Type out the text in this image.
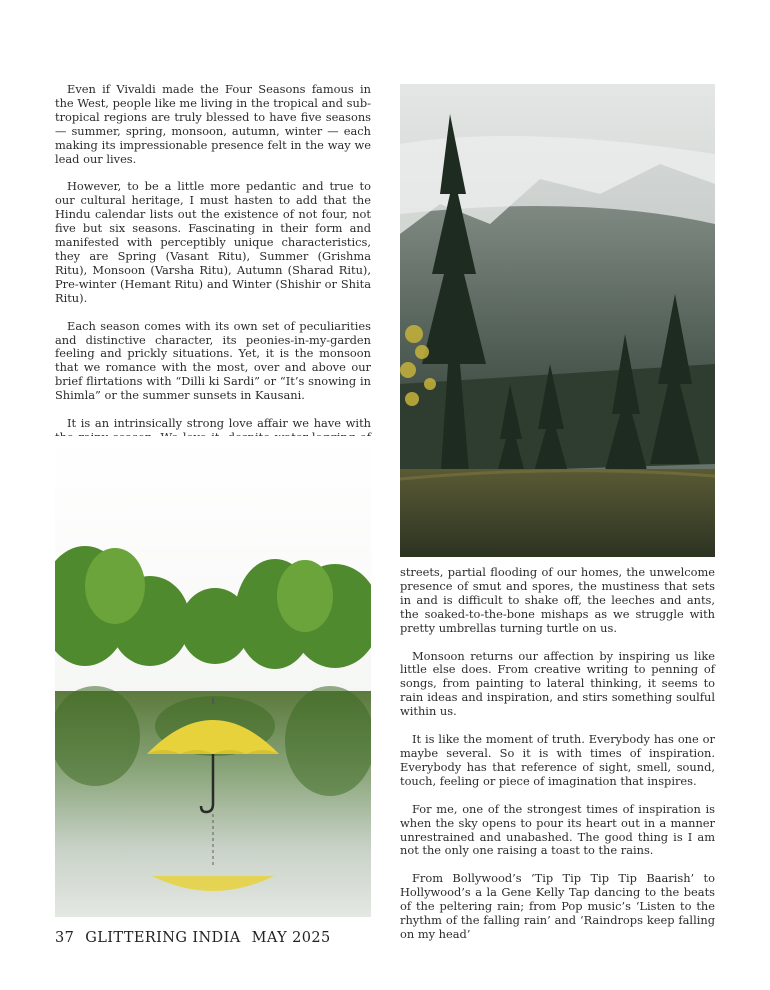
Even if Vivaldi made the Four Seasons famous in the West, people like me living in the tropical and sub-tropical regions are truly blessed to have five seasons — summer, spring, monsoon, autumn, winter — each making its impressionable presence felt in the way we lead our lives.

However, to be a little more pedantic and true to our cultural heritage, I must hasten to add that the Hindu calendar lists out the existence of not four, not five but six seasons. Fascinating in their form and manifested with perceptibly unique characteristics, they are Spring (Vasant Ritu), Summer (Grishma Ritu), Monsoon (Varsha Ritu), Autumn (Sharad Ritu), Pre-winter (Hemant Ritu) and Winter (Shishir or Shita Ritu).

Each season comes with its own set of peculiarities and distinctive character, its peonies-in-my-garden feeling and prickly situations. Yet, it is the monsoon that we romance with the most, over and above our brief flirtations with “Dilli ki Sardi” or “It’s snowing in Shimla” or the summer sunsets in Kausani.

It is an intrinsically strong love affair we have with

streets, partial flooding of our homes, the unwelcome presence of smut and spores, the mustiness that sets in and is difficult to shake off, the leeches and ants, the soaked-to-the-bone mishaps as we struggle with pretty umbrellas turning turtle on us.

Monsoon returns our affection by inspiring us like little else does. From creative writing to penning of songs, from painting to lateral thinking, it seems to rain ideas and inspiration, and stirs something soulful within us.

It is like the moment of truth. Everybody has one or maybe several. So it is with times of inspiration. Everybody has that reference of sight, smell, sound, touch, feeling or piece of imagination that inspires.

For me, one of the strongest times of inspiration is when the sky opens to pour its heart out in a manner unrestrained and unabashed. The good thing is I am not the only one raising a toast to the rains.

From Bollywood’s ‘Tip Tip Tip Tip Baarish’ to Hollywood’s a la Gene Kelly Tap dancing to the beats of the peltering rain; from Pop music’s ‘Listen to the rhythm of the falling rain’ and ‘Raindrops keep falling on my head’

37 GLITTERING INDIA MAY 2025
